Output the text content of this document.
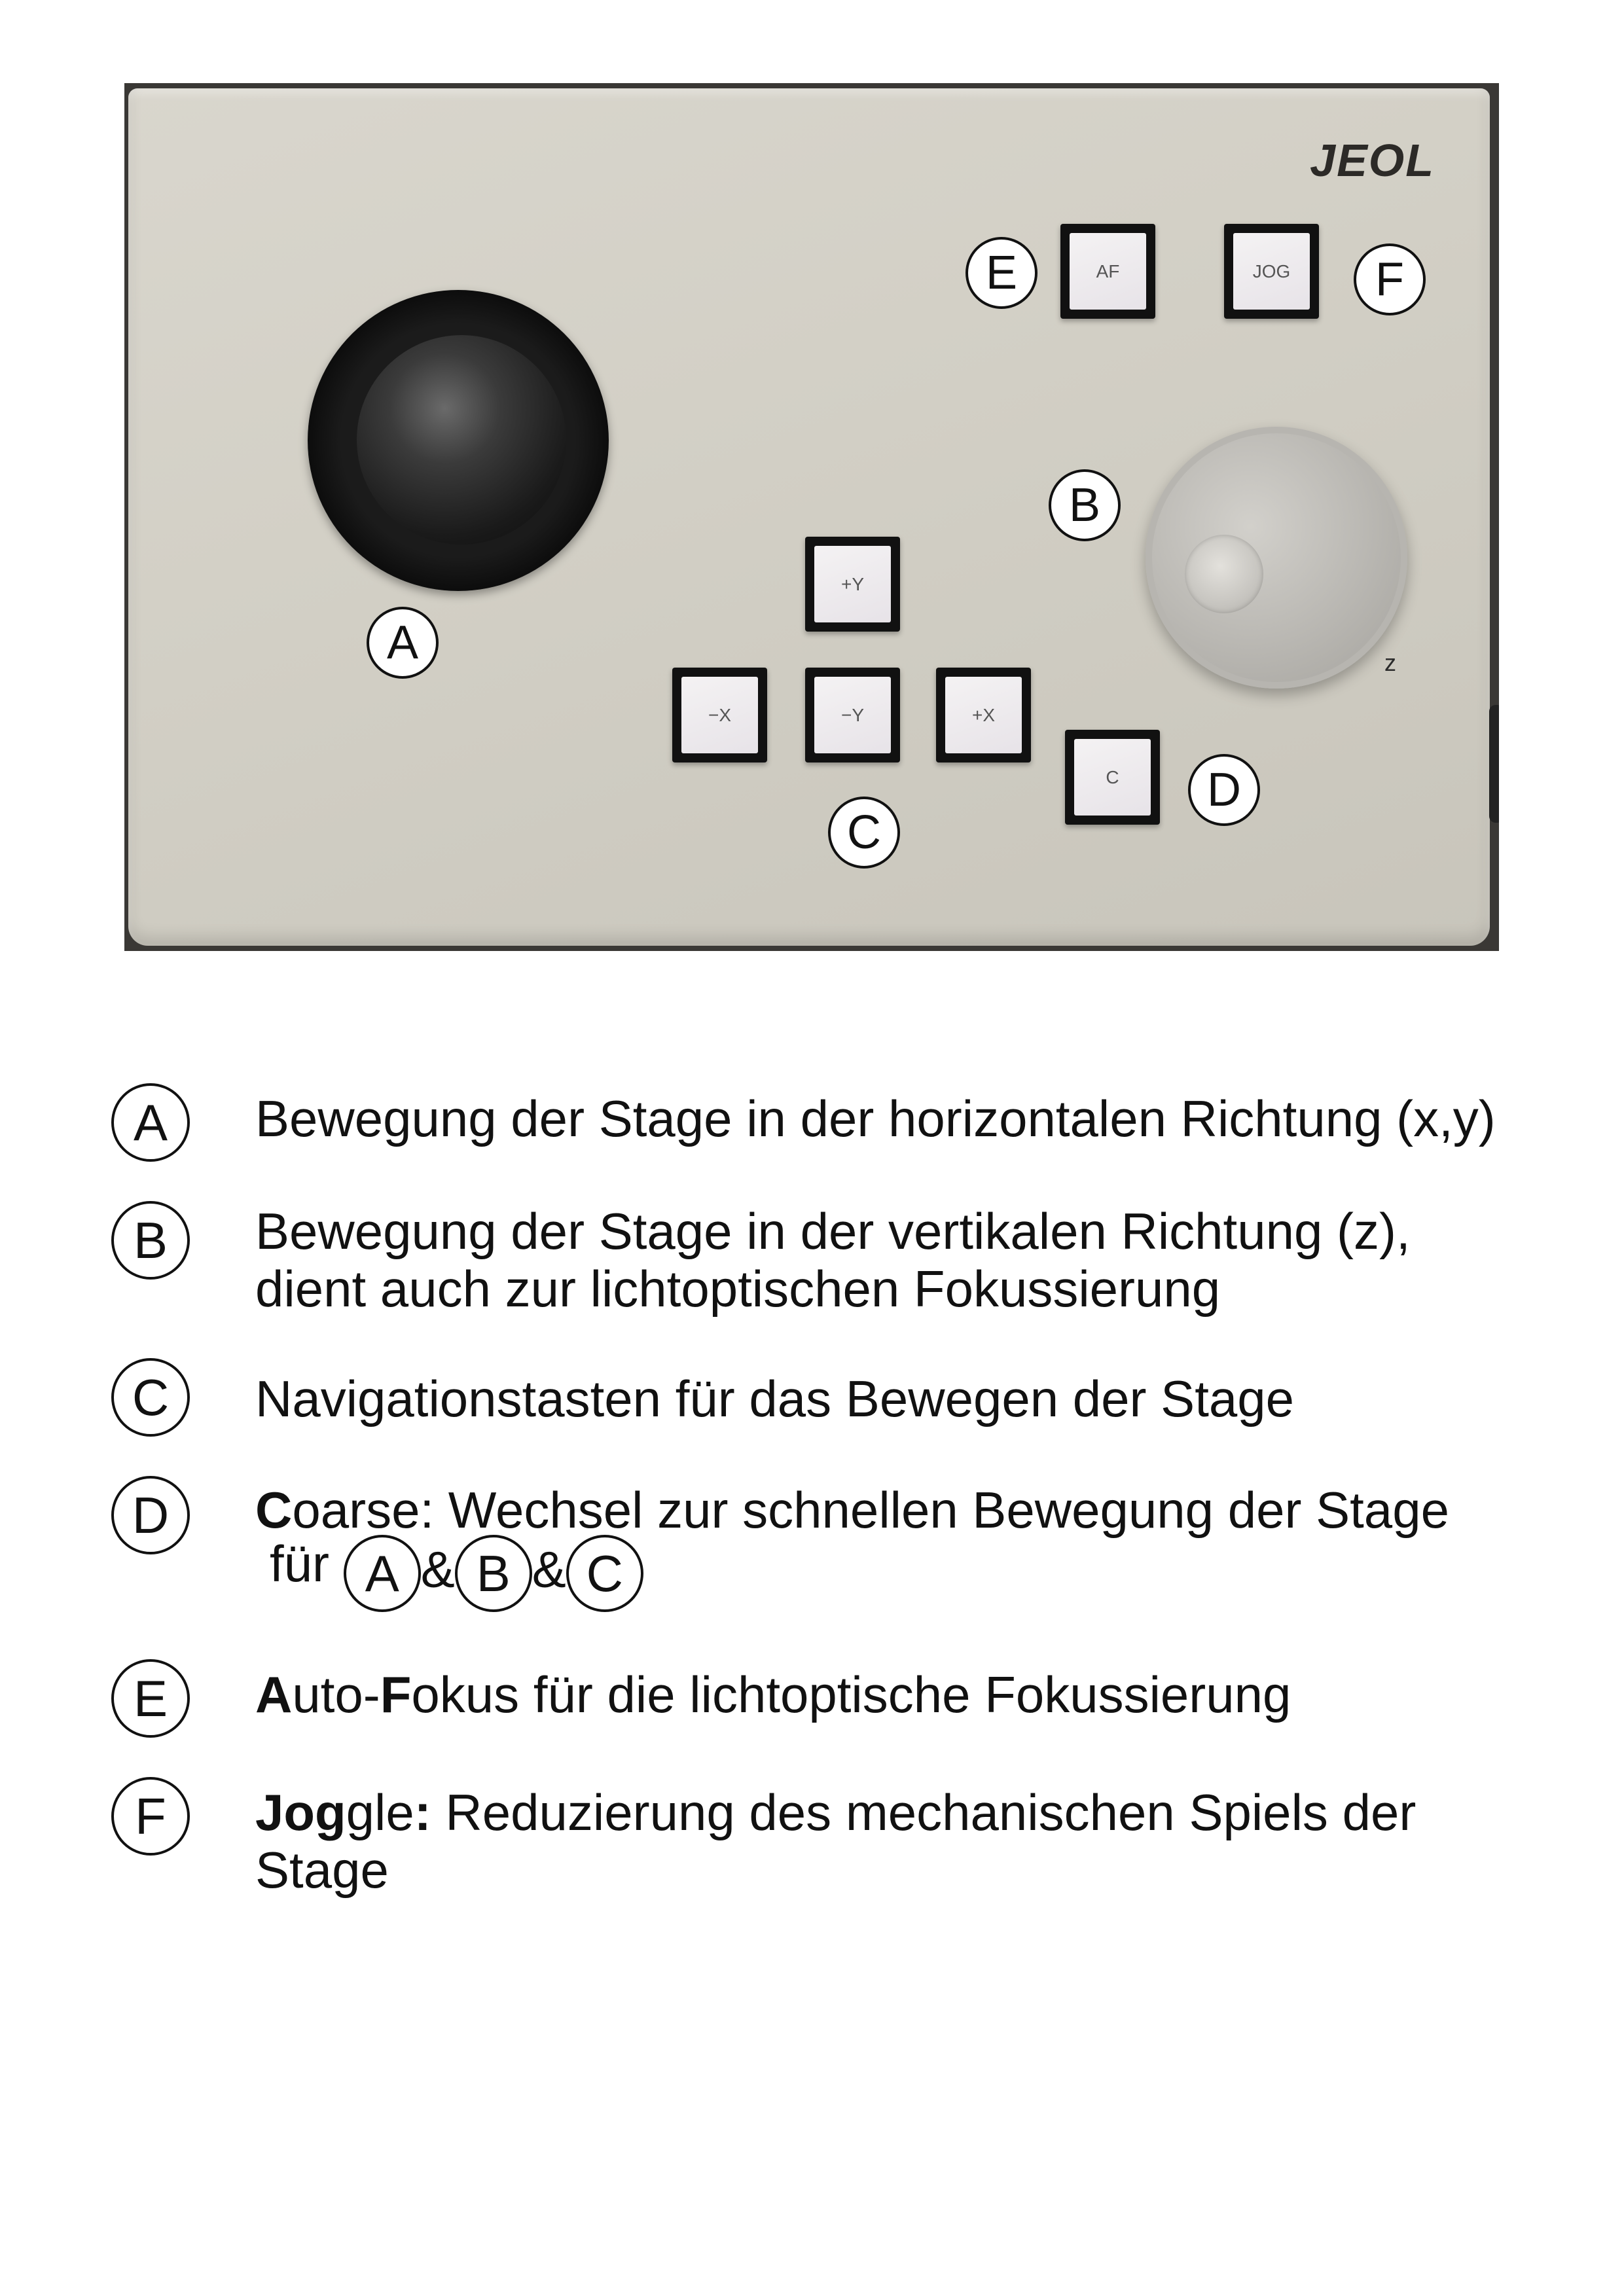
JEOL
z
AF	JOG
+Y
−X	−Y	+X
C
A
B
C
D
E	F
A	Bewegung der Stage in der horizontalen Richtung (x,y)
B	Bewegung der Stage in der vertikalen Richtung (z),
dient auch zur lichtoptischen Fokussierung
C	Navigationstasten für das Bewegen der Stage
D	Coarse: Wechsel zur schnellen Bewegung der Stage
für A & B & C
E	Auto-Fokus für die lichtoptische Fokussierung
F	Joggle: Reduzierung des mechanischen Spiels der
Stage
